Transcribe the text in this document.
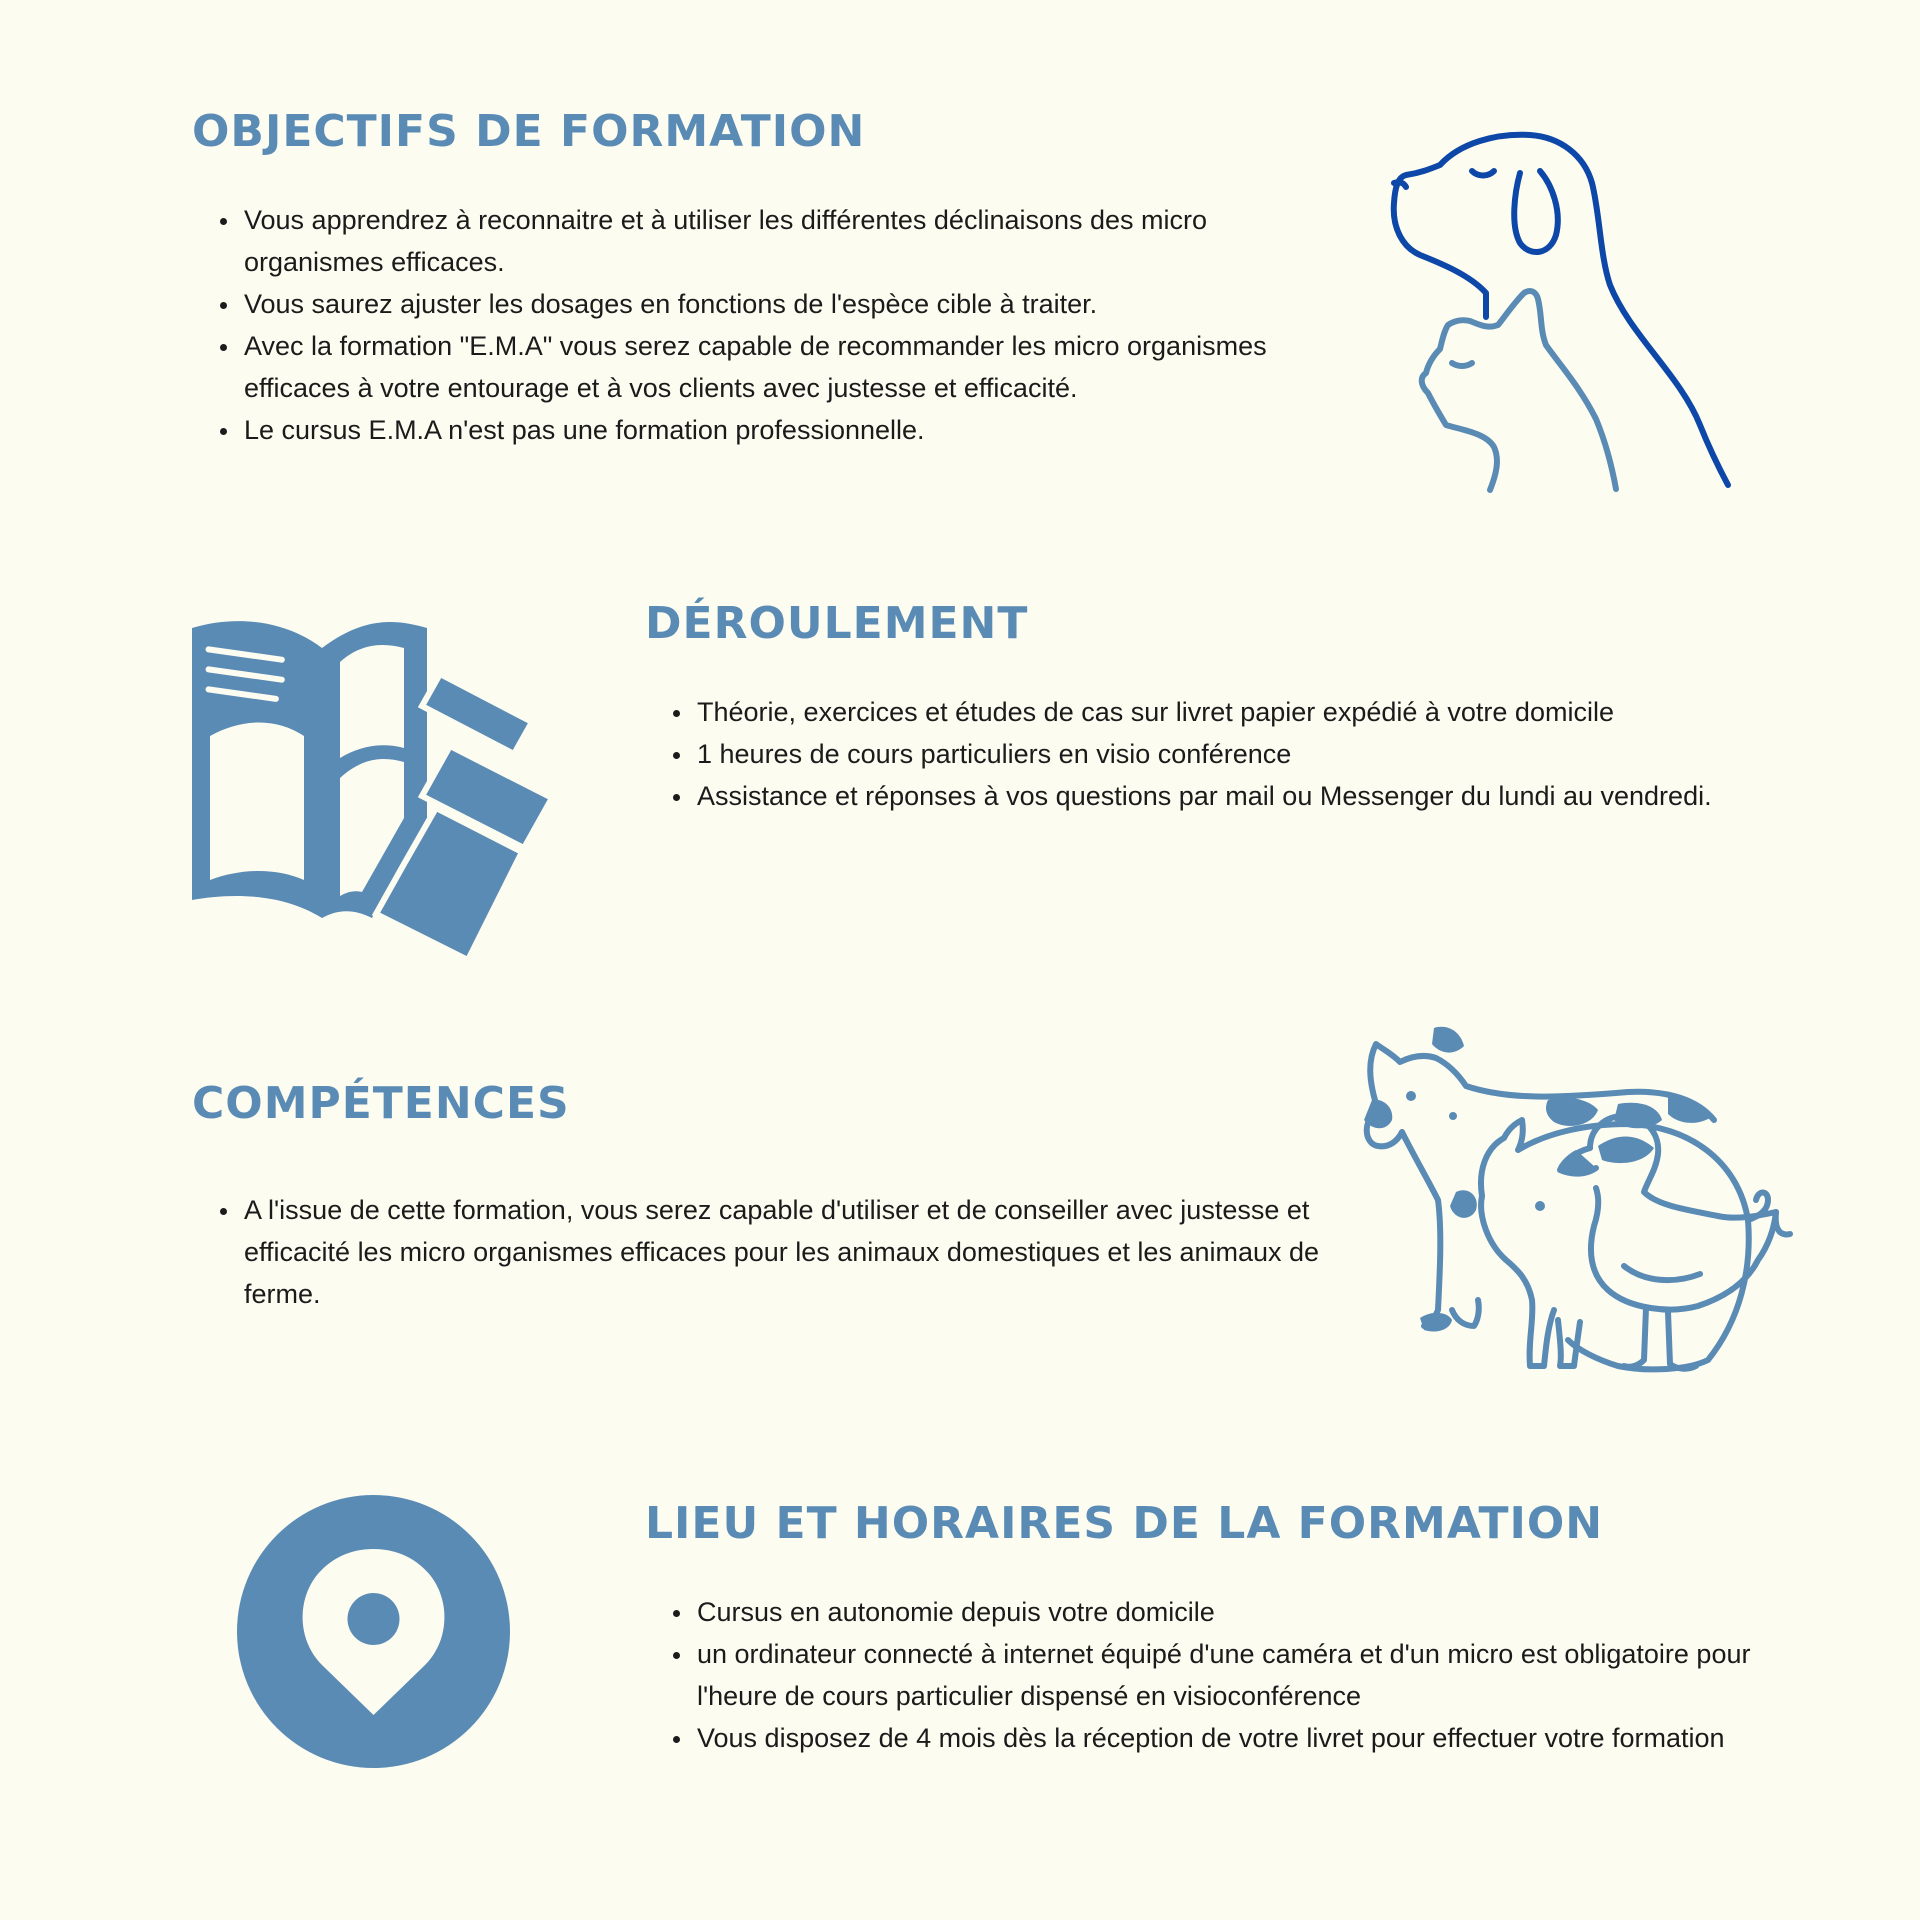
OBJECTIFS DE FORMATION
Vous apprendrez à reconnaitre et à utiliser les différentes déclinaisons des micro organismes efficaces.
Vous saurez ajuster les dosages en fonctions de l'espèce cible à traiter.
Avec la formation "E.M.A" vous serez capable de recommander les micro organismes efficaces à votre entourage et à vos clients avec justesse et efficacité.
Le cursus E.M.A n'est pas une formation professionnelle.
DÉROULEMENT
Théorie, exercices et études de cas sur livret papier expédié à votre domicile
1 heures de cours particuliers en visio conférence
Assistance et réponses à vos questions par mail ou Messenger du lundi au vendredi.
COMPÉTENCES
A l'issue de cette formation, vous serez capable d'utiliser et de conseiller avec justesse et efficacité les micro organismes efficaces pour les animaux domestiques et les animaux de ferme.
LIEU ET HORAIRES DE LA FORMATION
Cursus en autonomie depuis votre domicile
un ordinateur connecté à internet équipé d'une caméra et d'un micro est obligatoire pour l'heure de cours particulier dispensé en visioconférence
Vous disposez de 4 mois dès la réception de votre livret pour effectuer votre formation
